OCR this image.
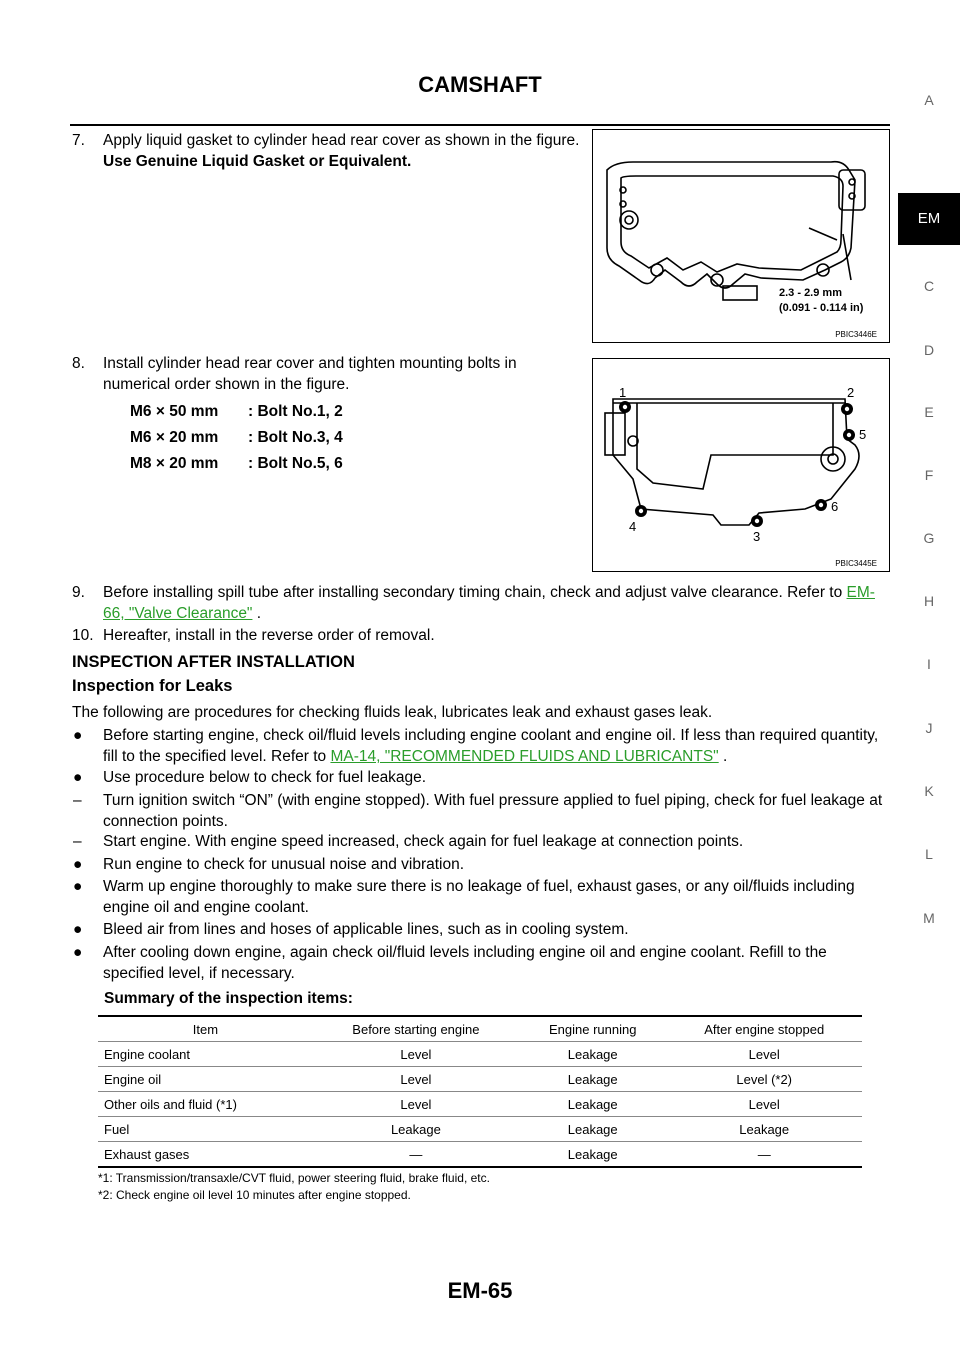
CAMSHAFT
A
EM
C
D
E
F
G
H
I
J
K
L
M
7. Apply liquid gasket to cylinder head rear cover as shown in the figure.
Use Genuine Liquid Gasket or Equivalent.
2.3 - 2.9 mm
(0.091 - 0.114 in)
PBIC3446E
8. Install cylinder head rear cover and tighten mounting bolts in numerical order shown in the figure.
M6 × 50 mm : Bolt No.1, 2
M6 × 20 mm : Bolt No.3, 4
M8 × 20 mm : Bolt No.5, 6
1	2
3
4
5
6
PBIC3445E
9. Before installing spill tube after installing secondary timing chain, check and adjust valve clearance. Refer to EM-66, "Valve Clearance" .
10. Hereafter, install in the reverse order of removal.
INSPECTION AFTER INSTALLATION
Inspection for Leaks
The following are procedures for checking fluids leak, lubricates leak and exhaust gases leak.
● Before starting engine, check oil/fluid levels including engine coolant and engine oil. If less than required quantity, fill to the specified level. Refer to MA-14, "RECOMMENDED FLUIDS AND LUBRICANTS" .
● Use procedure below to check for fuel leakage.
– Turn ignition switch “ON” (with engine stopped). With fuel pressure applied to fuel piping, check for fuel leakage at connection points.
– Start engine. With engine speed increased, check again for fuel leakage at connection points.
● Run engine to check for unusual noise and vibration.
● Warm up engine thoroughly to make sure there is no leakage of fuel, exhaust gases, or any oil/fluids including engine oil and engine coolant.
● Bleed air from lines and hoses of applicable lines, such as in cooling system.
● After cooling down engine, again check oil/fluid levels including engine oil and engine coolant. Refill to the specified level, if necessary.
Summary of the inspection items:
Item	Before starting engine	Engine running	After engine stopped
Engine coolant	Level	Leakage	Level
Engine oil	Level	Leakage	Level (*2)
Other oils and fluid (*1)	Level	Leakage	Level
Fuel	Leakage	Leakage	Leakage
Exhaust gases	—	Leakage	—
*1: Transmission/transaxle/CVT fluid, power steering fluid, brake fluid, etc.
*2: Check engine oil level 10 minutes after engine stopped.
EM-65
